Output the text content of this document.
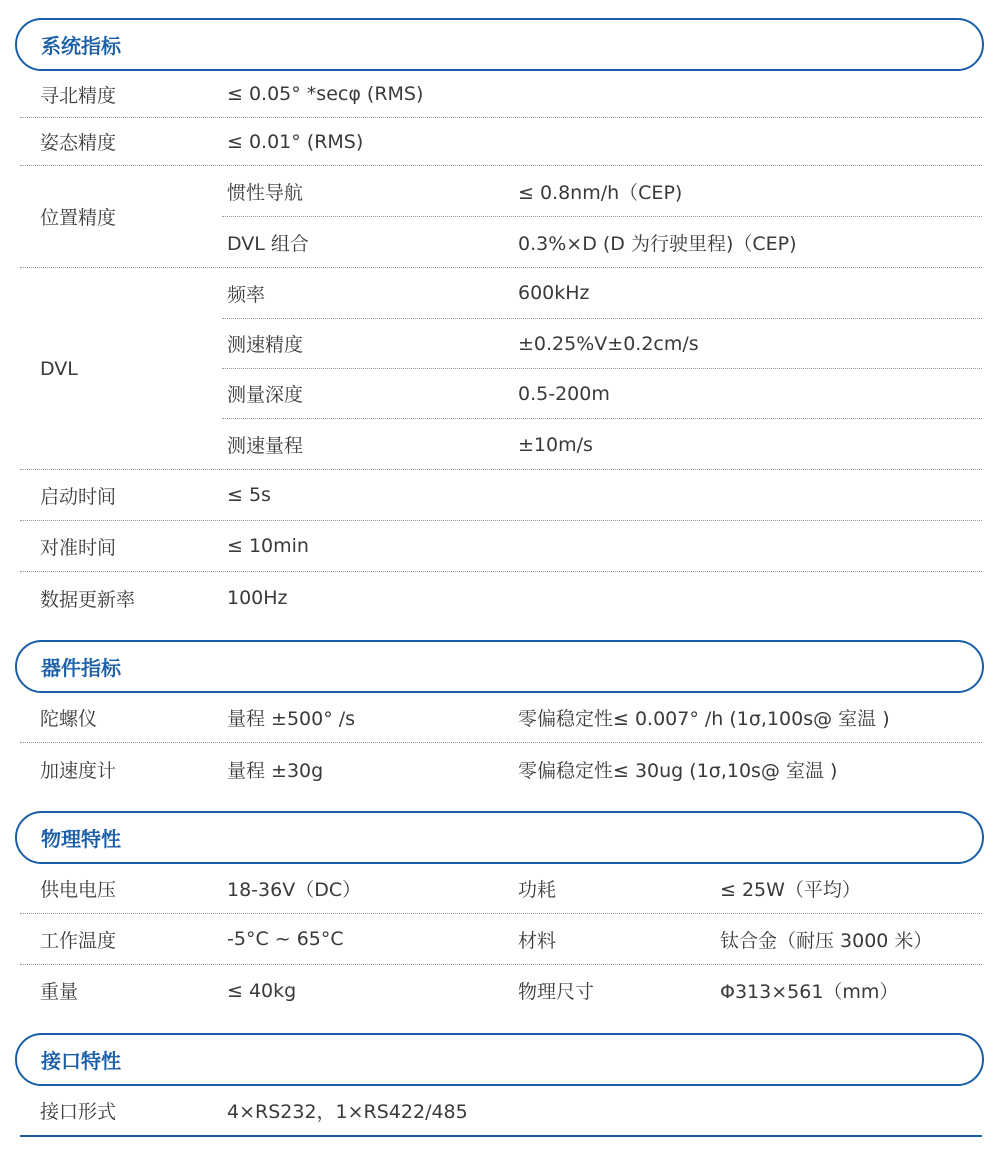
系统指标
寻北精度	≤ 0.05° *secφ (RMS)
姿态精度	≤ 0.01° (RMS)
位置精度
惯性导航	≤ 0.8nm/h（CEP)
DVL 组合	0.3%×D (D 为行驶里程)（CEP)
DVL
频率	600kHz
测速精度	±0.25%V±0.2cm/s
测量深度	0.5-200m
测速量程	±10m/s
启动时间	≤ 5s
对准时间	≤ 10min
数据更新率	100Hz
器件指标
陀螺仪	量程 ±500° /s	零偏稳定性≤ 0.007° /h (1σ,100s@ 室温 )
加速度计	量程 ±30g	零偏稳定性≤ 30ug (1σ,10s@ 室温 )
物理特性
供电电压	18-36V（DC）	功耗	≤ 25W（平均）
工作温度	-5°C ~ 65°C	材料	钛合金（耐压 3000 米）
重量	≤ 40kg	物理尺寸	Φ313×561（mm）
接口特性
接口形式	4×RS232，1×RS422/485
